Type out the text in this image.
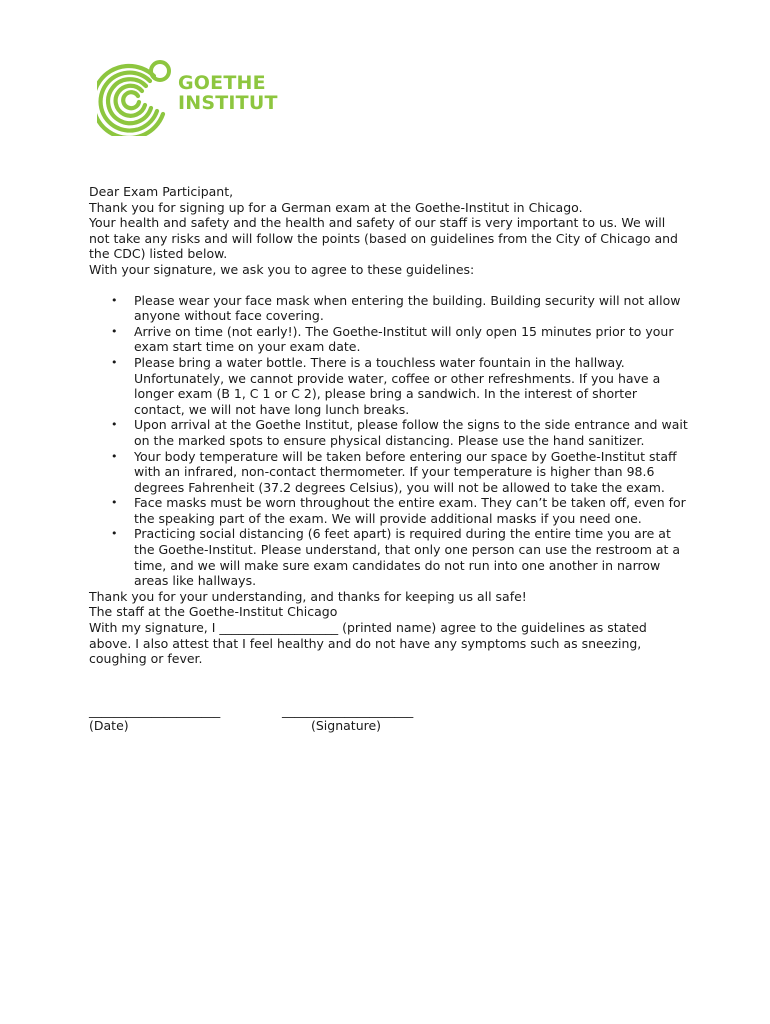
GOETHE
INSTITUT

Dear Exam Participant,

Thank you for signing up for a German exam at the Goethe-Institut in Chicago.

Your health and safety and the health and safety of our staff is very important to us. We will not take any risks and will follow the points (based on guidelines from the City of Chicago and the CDC) listed below.

With your signature, we ask you to agree to these guidelines:

• Please wear your face mask when entering the building. Building security will not allow anyone without face covering.
• Arrive on time (not early!). The Goethe-Institut will only open 15 minutes prior to your exam start time on your exam date.
• Please bring a water bottle. There is a touchless water fountain in the hallway. Unfortunately, we cannot provide water, coffee or other refreshments. If you have a longer exam (B 1, C 1 or C 2), please bring a sandwich. In the interest of shorter contact, we will not have long lunch breaks.
• Upon arrival at the Goethe Institut, please follow the signs to the side entrance and wait on the marked spots to ensure physical distancing. Please use the hand sanitizer.
• Your body temperature will be taken before entering our space by Goethe-Institut staff with an infrared, non-contact thermometer. If your temperature is higher than 98.6 degrees Fahrenheit (37.2 degrees Celsius), you will not be allowed to take the exam.
• Face masks must be worn throughout the entire exam. They can’t be taken off, even for the speaking part of the exam. We will provide additional masks if you need one.
• Practicing social distancing (6 feet apart) is required during the entire time you are at the Goethe-Institut. Please understand, that only one person can use the restroom at a time, and we will make sure exam candidates do not run into one another in narrow areas like hallways.

Thank you for your understanding, and thanks for keeping us all safe!

The staff at the Goethe-Institut Chicago

With my signature, I ___________________ (printed name) agree to the guidelines as stated above. I also attest that I feel healthy and do not have any symptoms such as sneezing, coughing or fever.

_____________________	_____________________
(Date)	(Signature)
